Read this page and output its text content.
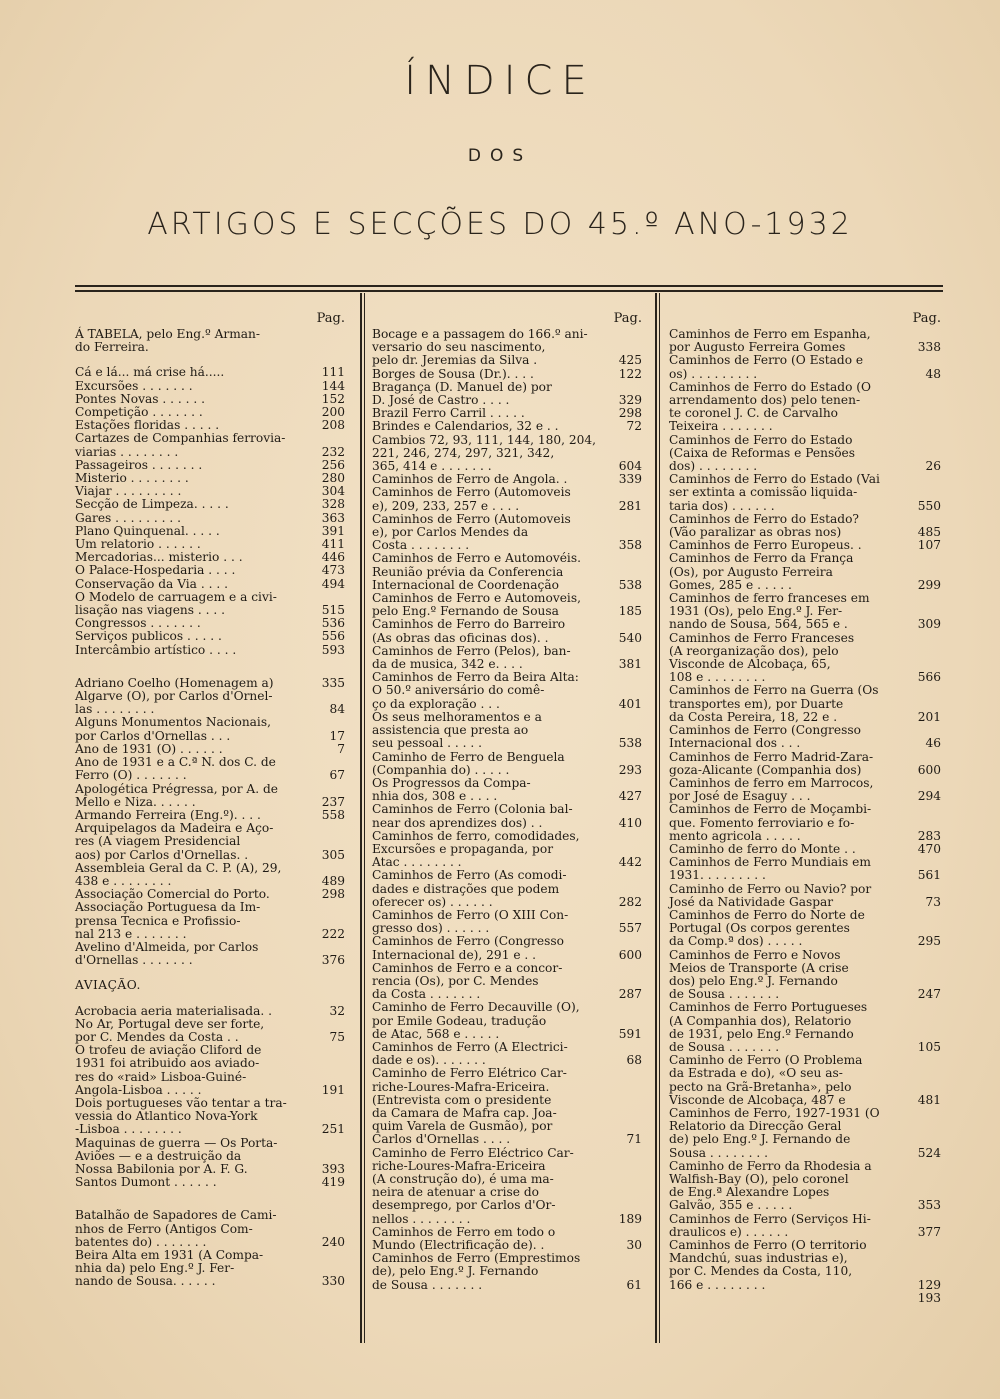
ÍNDICE
DOS
ARTIGOS E SECÇÕES DO 45.º ANO-1932
Pag.
Á TABELA, pelo Eng.º Arman-
do Ferreira.
Cá e lá... má crise há.....	111
Excursões . . . . . . .	144
Pontes Novas . . . . . .	152
Competição . . . . . . .	200
Estações floridas . . . . .	208
Cartazes de Companhias ferrovia-
viarias . . . . . . . .	232
Passageiros . . . . . . .	256
Misterio . . . . . . . .	280
Viajar . . . . . . . . .	304
Secção de Limpeza. . . . .	328
Gares . . . . . . . . .	363
Plano Quinquenal. . . . .	391
Um relatorio . . . . . .	411
Mercadorias... misterio . . .	446
O Palace-Hospedaria . . . .	473
Conservação da Via . . . .	494
O Modelo de carruagem e a civi-
lisação nas viagens . . . .	515
Congressos . . . . . . .	536
Serviços publicos . . . . .	556
Intercâmbio artístico . . . .	593
Adriano Coelho (Homenagem a)	335
Algarve (O), por Carlos d'Ornel-
las . . . . . . . .	84
Alguns Monumentos Nacionais,
por Carlos d'Ornellas . . .	17
Ano de 1931 (O) . . . . . .	7
Ano de 1931 e a C.ª N. dos C. de
Ferro (O) . . . . . . .	67
Apologética Prégressa, por A. de
Mello e Niza. . . . . .	237
Armando Ferreira (Eng.º). . . .	558
Arquipelagos da Madeira e Aço-
res (A viagem Presidencial
aos) por Carlos d'Ornellas. .	305
Assembleia Geral da C. P. (A), 29,
438 e . . . . . . . .	489
Associação Comercial do Porto.	298
Associação Portuguesa da Im-
prensa Tecnica e Profissio-
nal 213 e . . . . . . .	222
Avelino d'Almeida, por Carlos
d'Ornellas . . . . . . .	376
AVIAÇÃO.
Acrobacia aeria materialisada. .	32
No Ar, Portugal deve ser forte,
por C. Mendes da Costa . .	75
O trofeu de aviação Cliford de
1931 foi atribuido aos aviado-
res do «raid» Lisboa-Guiné-
Angola-Lisboa . . . . .	191
Dois portugueses vão tentar a tra-
vessia do Atlantico Nova-York
-Lisboa . . . . . . . .	251
Maquinas de guerra — Os Porta-
Aviões — e a destruição da
Nossa Babilonia por A. F. G.	393
Santos Dumont . . . . . .	419
Batalhão de Sapadores de Cami-
nhos de Ferro (Antigos Com-
batentes do) . . . . . . .	240
Beira Alta em 1931 (A Compa-
nhia da) pelo Eng.º J. Fer-
nando de Sousa. . . . . .	330
Pag.
Bocage e a passagem do 166.º ani-
versario do seu nascimento,
pelo dr. Jeremias da Silva .	425
Borges de Sousa (Dr.). . . .	122
Bragança (D. Manuel de) por
D. José de Castro . . . .	329
Brazil Ferro Carril . . . . .	298
Brindes e Calendarios, 32 e . .	72
Cambios 72, 93, 111, 144, 180, 204,
221, 246, 274, 297, 321, 342,
365, 414 e . . . . . . .	604
Caminhos de Ferro de Angola. .	339
Caminhos de Ferro (Automoveis
e), 209, 233, 257 e . . . .	281
Caminhos de Ferro (Automoveis
e), por Carlos Mendes da
Costa . . . . . . . .	358
Caminhos de Ferro e Automovéis.
Reunião prévia da Conferencia
Internacional de Coordenação	538
Caminhos de Ferro e Automoveis,
pelo Eng.º Fernando de Sousa	185
Caminhos de Ferro do Barreiro
(As obras das oficinas dos). .	540
Caminhos de Ferro (Pelos), ban-
da de musica, 342 e. . . .	381
Caminhos de Ferro da Beira Alta:
O 50.º aniversário do comê-
ço da exploração . . .	401
Os seus melhoramentos e a
assistencia que presta ao
seu pessoal . . . . .	538
Caminho de Ferro de Benguela
(Companhia do) . . . . .	293
Os Progressos da Compa-
nhia dos, 308 e . . . .	427
Caminhos de Ferro (Colonia bal-
near dos aprendizes dos) . .	410
Caminhos de ferro, comodidades,
Excursões e propaganda, por
Atac . . . . . . . .	442
Caminhos de Ferro (As comodi-
dades e distrações que podem
oferecer os) . . . . . .	282
Caminhos de Ferro (O XIII Con-
gresso dos) . . . . . .	557
Caminhos de Ferro (Congresso
Internacional de), 291 e . .	600
Caminhos de Ferro e a concor-
rencia (Os), por C. Mendes
da Costa . . . . . . .	287
Caminho de Ferro Decauville (O),
por Emile Godeau, tradução
de Atac, 568 e . . . . .	591
Caminhos de Ferro (A Electrici-
dade e os). . . . . . .	68
Caminho de Ferro Elétrico Car-
riche-Loures-Mafra-Ericeira.
(Entrevista com o presidente
da Camara de Mafra cap. Joa-
quim Varela de Gusmão), por
Carlos d'Ornellas . . . .	71
Caminho de Ferro Eléctrico Car-
riche-Loures-Mafra-Ericeira
(A construção do), é uma ma-
neira de atenuar a crise do
desemprego, por Carlos d'Or-
nellos . . . . . . . .	189
Caminhos de Ferro em todo o
Mundo (Electrificação de). .	30
Caminhos de Ferro (Emprestimos
de), pelo Eng.º J. Fernando
de Sousa . . . . . . .	61
Pag.
Caminhos de Ferro em Espanha,
por Augusto Ferreira Gomes	338
Caminhos de Ferro (O Estado e
os) . . . . . . . . .	48
Caminhos de Ferro do Estado (O
arrendamento dos) pelo tenen-
te coronel J. C. de Carvalho
Teixeira . . . . . . .
Caminhos de Ferro do Estado
(Caixa de Reformas e Pensões
dos) . . . . . . . .	26
Caminhos de Ferro do Estado (Vai
ser extinta a comissão liquida-
taria dos) . . . . . .	550
Caminhos de Ferro do Estado?
(Vão paralizar as obras nos)	485
Caminhos de Ferro Europeus. .	107
Caminhos de Ferro da França
(Os), por Augusto Ferreira
Gomes, 285 e . . . . .	299
Caminhos de ferro franceses em
1931 (Os), pelo Eng.º J. Fer-
nando de Sousa, 564, 565 e .	309
Caminhos de Ferro Franceses
(A reorganização dos), pelo
Visconde de Alcobaça, 65,
108 e . . . . . . . .	566
Caminhos de Ferro na Guerra (Os
transportes em), por Duarte
da Costa Pereira, 18, 22 e .	201
Caminhos de Ferro (Congresso
Internacional dos . . .	46
Caminhos de Ferro Madrid-Zara-
goza-Alicante (Companhia dos)	600
Caminhos de ferro em Marrocos,
por José de Esaguy . . .	294
Caminhos de Ferro de Moçambi-
que. Fomento ferroviario e fo-
mento agricola . . . . .	283
Caminho de ferro do Monte . .	470
Caminhos de Ferro Mundiais em
1931. . . . . . . . .	561
Caminho de Ferro ou Navio? por
José da Natividade Gaspar	73
Caminhos de Ferro do Norte de
Portugal (Os corpos gerentes
da Comp.ª dos) . . . . .	295
Caminhos de Ferro e Novos
Meios de Transporte (A crise
dos) pelo Eng.º J. Fernando
de Sousa . . . . . . .	247
Caminhos de Ferro Portugueses
(A Companhia dos), Relatorio
de 1931, pelo Eng.º Fernando
de Sousa . . . . . . .	105
Caminho de Ferro (O Problema
da Estrada e do), «O seu as-
pecto na Grã-Bretanha», pelo
Visconde de Alcobaça, 487 e	481
Caminhos de Ferro, 1927-1931 (O
Relatorio da Direcção Geral
de) pelo Eng.º J. Fernando de
Sousa . . . . . . . .	524
Caminho de Ferro da Rhodesia a
Walfish-Bay (O), pelo coronel
de Eng.ª Alexandre Lopes
Galvão, 355 e . . . . .	353
Caminhos de Ferro (Serviços Hi-
draulicos e) . . . . . .	377
Caminhos de Ferro (O territorio
Mandchú, suas industrias e),
por C. Mendes da Costa, 110,
166 e . . . . . . . .	129
193
